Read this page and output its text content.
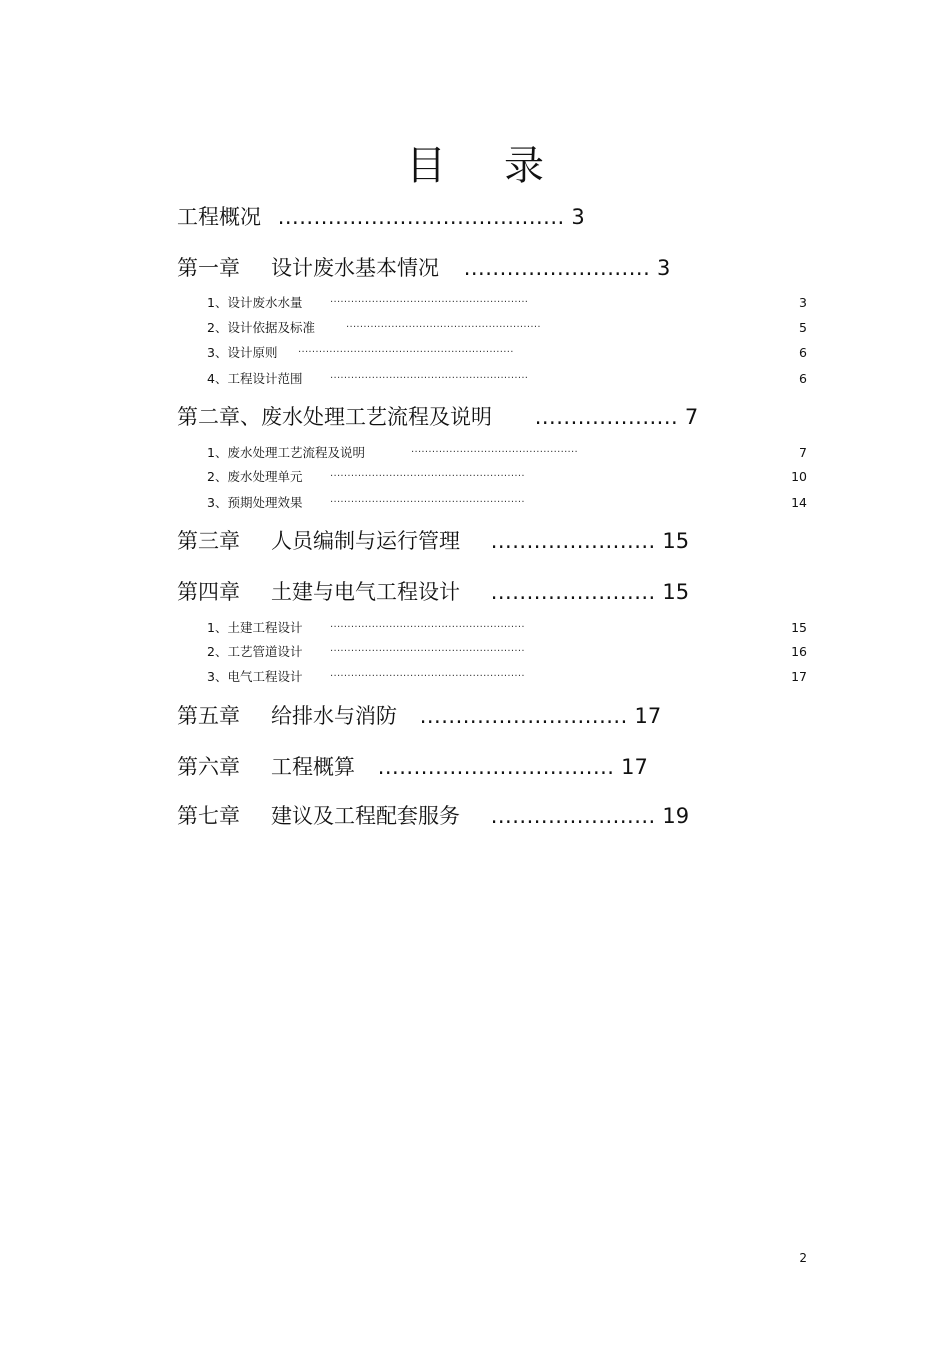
目 录
工程概况 ........................................ 3
第一章 设计废水基本情况 .......................... 3
1、设计废水水量	.........................................................	3
2、设计依据及标准	........................................................	5
3、设计原则 ..............................................................	6
4、工程设计范围	.........................................................	6
第二章、废水处理工艺流程及说明 .................... 7
1、废水处理工艺流程及说明	................................................	7
2、废水处理单元	........................................................	10
3、预期处理效果	........................................................	14
第三章 人员编制与运行管理 ....................... 15
第四章 土建与电气工程设计 ....................... 15
1、土建工程设计	........................................................	15
2、工艺管道设计	........................................................	16
3、电气工程设计	........................................................	17
第五章 给排水与消防 ............................. 17
第六章 工程概算 ................................. 17
第七章 建议及工程配套服务 ....................... 19
2
